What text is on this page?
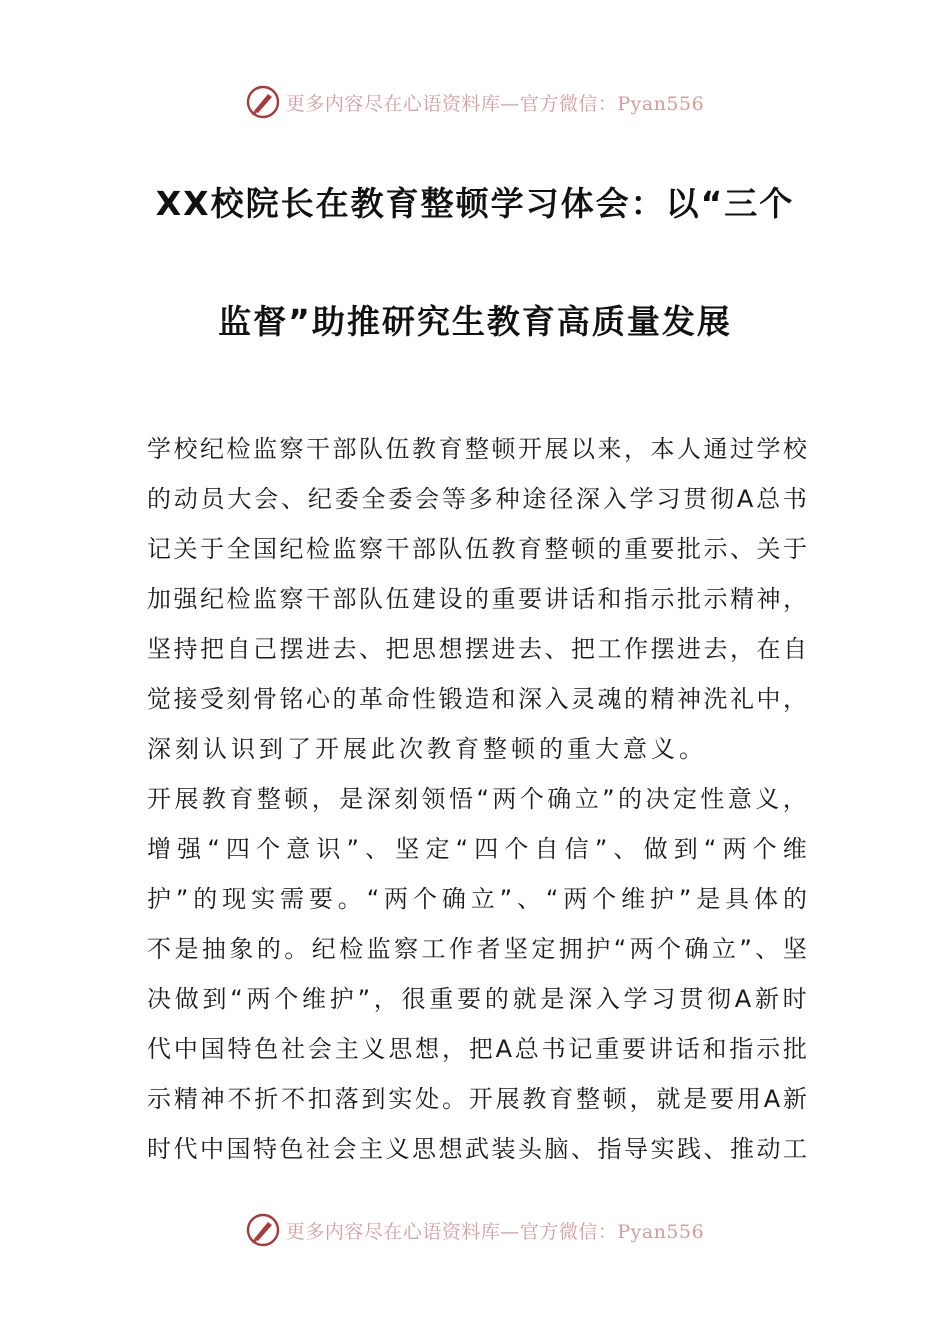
更多内容尽在心语资料库—官方微信：Pyan556
XX校院长在教育整顿学习体会：以“三个
监督”助推研究生教育高质量发展
学 校 纪 检 监 察 干 部 队 伍 教 育 整 顿 开 展 以 来 ， 本 人 通 过 学 校
的 动 员 大 会 、 纪 委 全 委 会 等 多 种 途 径 深 入 学 习 贯 彻 A 总 书
记 关 于 全 国 纪 检 监 察 干 部 队 伍 教 育 整 顿 的 重 要 批 示 、 关 于
加 强 纪 检 监 察 干 部 队 伍 建 设 的 重 要 讲 话 和 指 示 批 示 精 神 ，
坚 持 把 自 己 摆 进 去 、 把 思 想 摆 进 去 、 把 工 作 摆 进 去 ， 在 自
觉 接 受 刻 骨 铭 心 的 革 命 性 锻 造 和 深 入 灵 魂 的 精 神 洗 礼 中 ，
深刻认识到了开展此次教育整顿的重大意义。
开 展 教 育 整 顿 ， 是 深 刻 领 悟 “ 两 个 确 立 ” 的 决 定 性 意 义 ，
增 强 “ 四 个 意 识 ” 、 坚 定 “ 四 个 自 信 ” 、 做 到 “ 两 个 维
护 ” 的 现 实 需 要 。 “ 两 个 确 立 ” 、 “ 两 个 维 护 ” 是 具 体 的
不 是 抽 象 的 。 纪 检 监 察 工 作 者 坚 定 拥 护 “ 两 个 确 立 ” 、 坚
决 做 到 “ 两 个 维 护 ” ， 很 重 要 的 就 是 深 入 学 习 贯 彻 A 新 时
代 中 国 特 色 社 会 主 义 思 想 ， 把 A 总 书 记 重 要 讲 话 和 指 示 批
示 精 神 不 折 不 扣 落 到 实 处 。 开 展 教 育 整 顿 ， 就 是 要 用 A 新
时 代 中 国 特 色 社 会 主 义 思 想 武 装 头 脑 、 指 导 实 践 、 推 动 工
更多内容尽在心语资料库—官方微信：Pyan556
